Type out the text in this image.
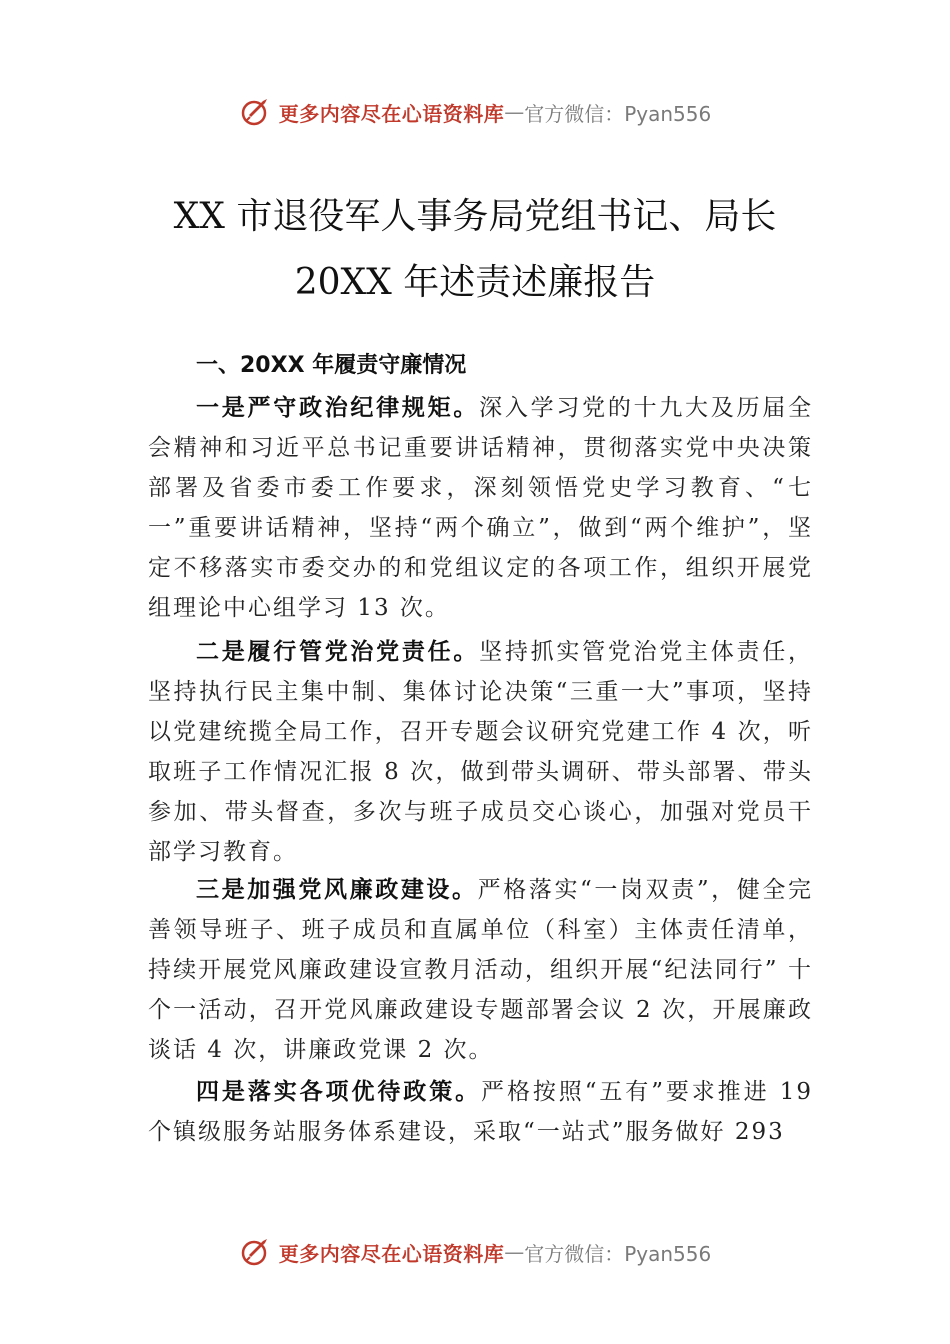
更多内容尽在心语资料库 — 官方微信：Pyan556
XX 市退役军人事务局党组书记、局长
20XX 年述责述廉报告
一、20XX 年履责守廉情况
一是严守政治纪律规矩。深入学习党的十九大及历届全会精神和习近平总书记重要讲话精神，贯彻落实党中央决策部署及省委市委工作要求，深刻领悟党史学习教育、“七一”重要讲话精神，坚持“两个确立”，做到“两个维护”，坚定不移落实市委交办的和党组议定的各项工作，组织开展党组理论中心组学习 13 次。
二是履行管党治党责任。坚持抓实管党治党主体责任，坚持执行民主集中制、集体讨论决策“三重一大”事项，坚持以党建统揽全局工作，召开专题会议研究党建工作 4 次，听取班子工作情况汇报 8 次，做到带头调研、带头部署、带头参加、带头督查，多次与班子成员交心谈心，加强对党员干部学习教育。
三是加强党风廉政建设。严格落实“一岗双责”，健全完善领导班子、班子成员和直属单位（科室）主体责任清单， 持续开展党风廉政建设宣教月活动，组织开展“纪法同行” 十个一活动，召开党风廉政建设专题部署会议 2 次，开展廉政谈话 4 次，讲廉政党课 2 次。
四是落实各项优待政策。严格按照“五有”要求推进 19 个镇级服务站服务体系建设，采取“一站式”服务做好 293
更多内容尽在心语资料库 — 官方微信：Pyan556
